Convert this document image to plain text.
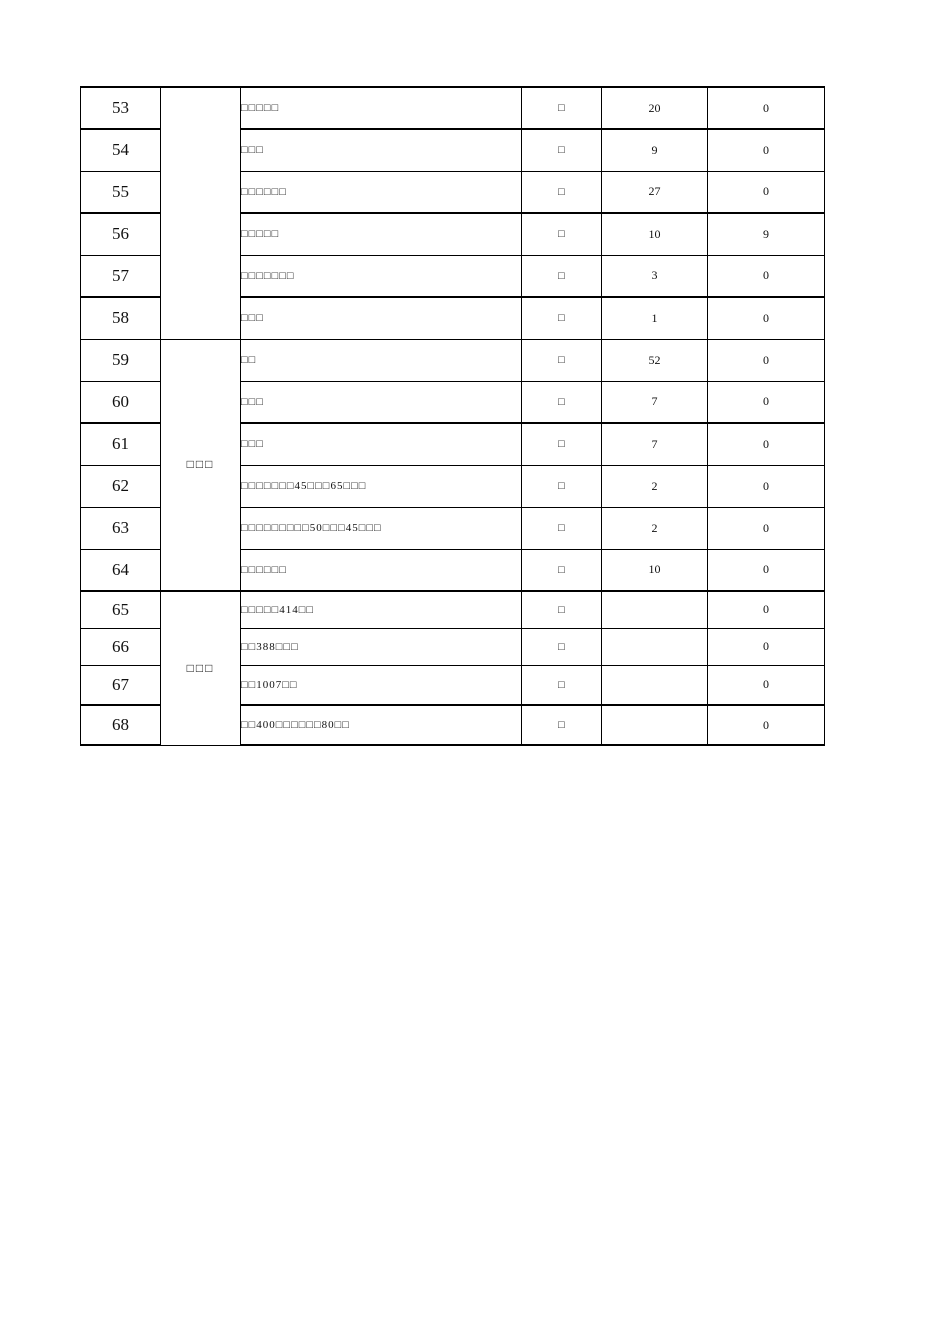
53		□□□□□	□	20	0
54		□□□	□	9	0
55		□□□□□□	□	27	0
56		□□□□□	□	10	9
57		□□□□□□□	□	3	0
58		□□□	□	1	0
59	□□□	□□	□	52	0
60		□□□	□	7	0
61		□□□	□	7	0
62		□□□□□□□45□□□65□□□	□	2	0
63		□□□□□□□□□50□□□45□□□	□	2	0
64		□□□□□□	□	10	0
65	□□□	□□□□□414□□	□		0
66		□□388□□□	□		0
67		□□1007□□	□		0
68		□□400□□□□□□80□□	□		0
